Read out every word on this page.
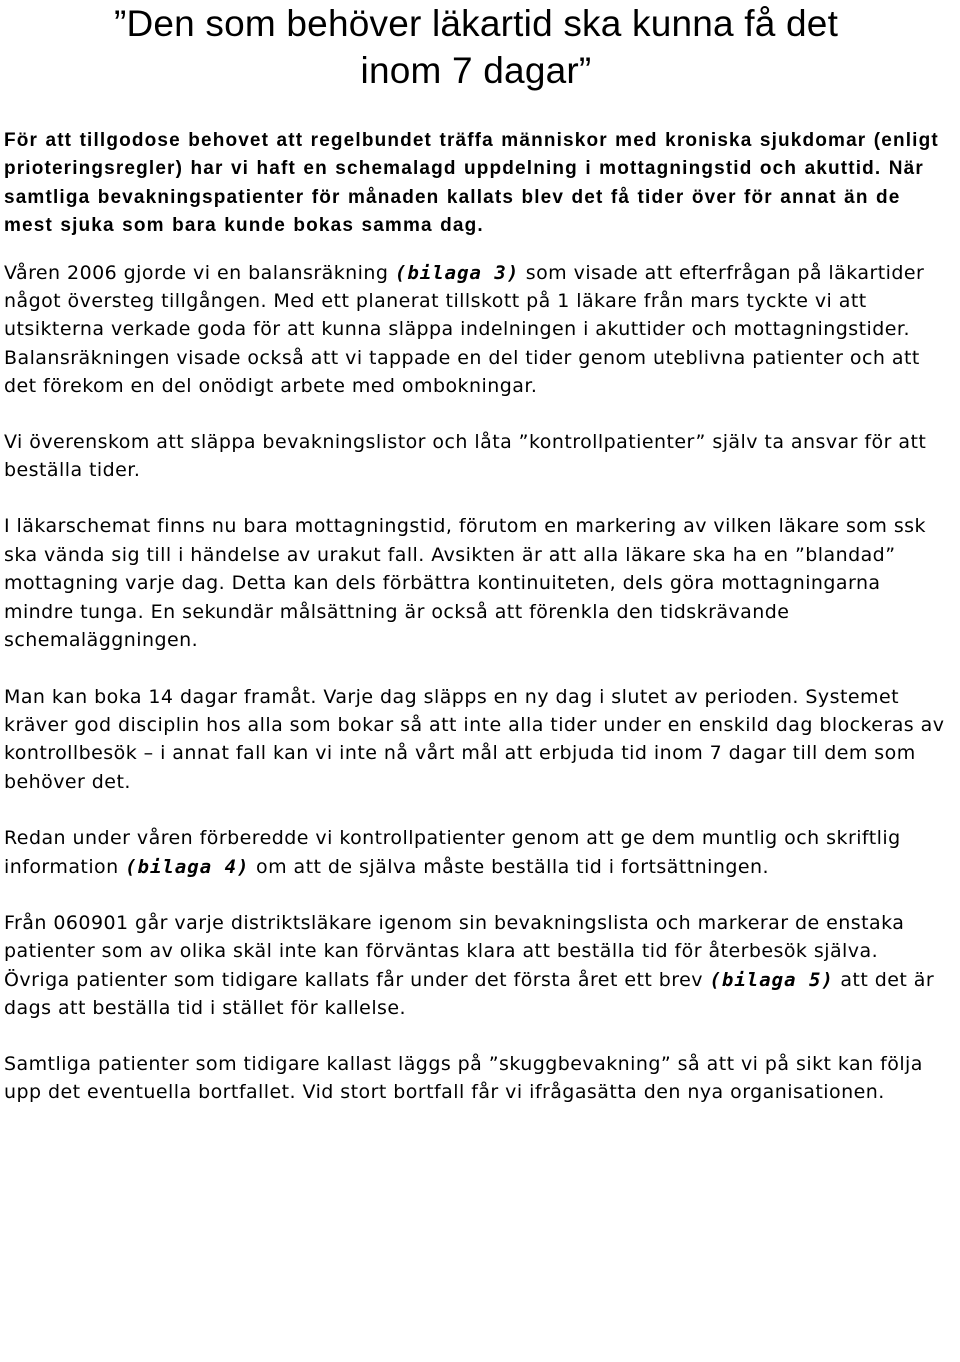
”Den som behöver läkartid ska kunna få det
inom 7 dagar”

För att tillgodose behovet att regelbundet träffa människor med kroniska sjukdomar (enligt prioteringsregler) har vi haft en schemalagd uppdelning i mottagningstid och akuttid. När samtliga bevakningspatienter för månaden kallats blev det få tider över för annat än de mest sjuka som bara kunde bokas samma dag.

Våren 2006 gjorde vi en balansräkning (bilaga 3) som visade att efterfrågan på läkartider något översteg tillgången. Med ett planerat tillskott på 1 läkare från mars tyckte vi att utsikterna verkade goda för att kunna släppa indelningen i akuttider och mottagningstider. Balansräkningen visade också att vi tappade en del tider genom uteblivna patienter och att det förekom en del onödigt arbete med ombokningar.

Vi överenskom att släppa bevakningslistor och låta ”kontrollpatienter” själv ta ansvar för att beställa tider.

I läkarschemat finns nu bara mottagningstid, förutom en markering av vilken läkare som ssk ska vända sig till i händelse av urakut fall. Avsikten är att alla läkare ska ha en ”blandad” mottagning varje dag. Detta kan dels förbättra kontinuiteten, dels göra mottagningarna mindre tunga. En sekundär målsättning är också att förenkla den tidskrävande schemaläggningen.

Man kan boka 14 dagar framåt. Varje dag släpps en ny dag i slutet av perioden. Systemet kräver god disciplin hos alla som bokar så att inte alla tider under en enskild dag blockeras av kontrollbesök – i annat fall kan vi inte nå vårt mål att erbjuda tid inom 7 dagar till dem som behöver det.

Redan under våren förberedde vi kontrollpatienter genom att ge dem muntlig och skriftlig information (bilaga 4) om att de själva måste beställa tid i fortsättningen.

Från 060901 går varje distriktsläkare igenom sin bevakningslista och markerar de enstaka patienter som av olika skäl inte kan förväntas klara att beställa tid för återbesök själva. Övriga patienter som tidigare kallats får under det första året ett brev (bilaga 5) att det är dags att beställa tid i stället för kallelse.

Samtliga patienter som tidigare kallast läggs på ”skuggbevakning” så att vi på sikt kan följa upp det eventuella bortfallet. Vid stort bortfall får vi ifrågasätta den nya organisationen.
